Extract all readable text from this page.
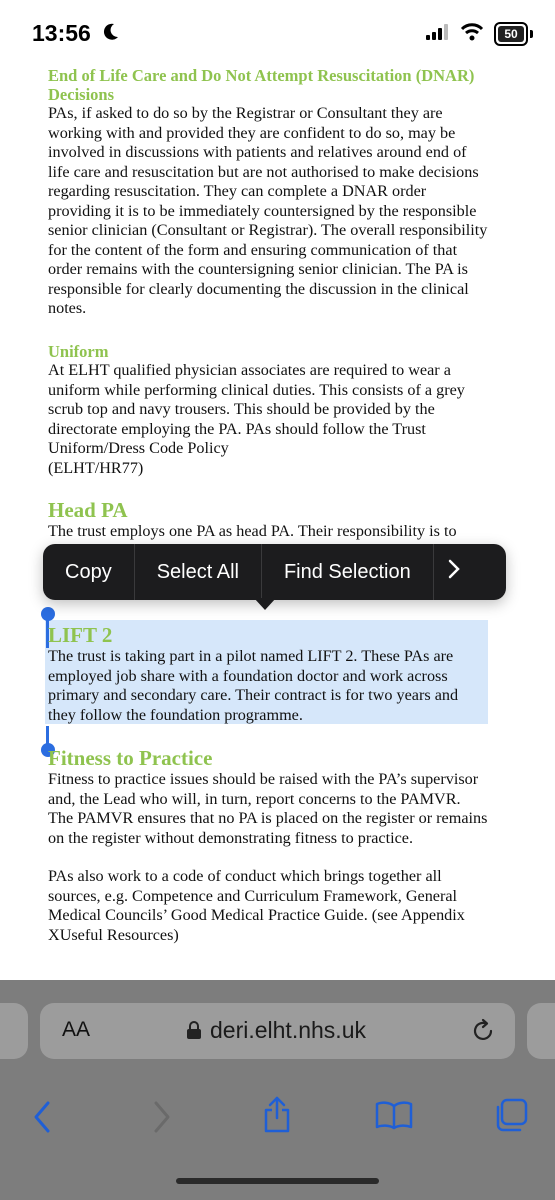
13:56	50

End of Life Care and Do Not Attempt Resuscitation (DNAR) Decisions

PAs, if asked to do so by the Registrar or Consultant they are working with and provided they are confident to do so, may be involved in discussions with patients and relatives around end of life care and resuscitation but are not authorised to make decisions regarding resuscitation. They can complete a DNAR order providing it is to be immediately countersigned by the responsible senior clinician (Consultant or Registrar). The overall responsibility for the content of the form and ensuring communication of that order remains with the countersigning senior clinician. The PA is responsible for clearly documenting the discussion in the clinical notes.

Uniform

At ELHT qualified physician associates are required to wear a uniform while performing clinical duties. This consists of a grey scrub top and navy trousers. This should be provided by the directorate employing the PA. PAs should follow the Trust Uniform/Dress Code Policy

(ELHT/HR77)

Head PA

The trust employs one PA as head PA. Their responsibility is to

LIFT 2

The trust is taking part in a pilot named LIFT 2. These PAs are employed job share with a foundation doctor and work across primary and secondary care. Their contract is for two years and they follow the foundation programme.

Fitness to Practice

Fitness to practice issues should be raised with the PA’s supervisor and, the Lead who will, in turn, report concerns to the PAMVR. The PAMVR ensures that no PA is placed on the register or remains on the register without demonstrating fitness to practice.

PAs also work to a code of conduct which brings together all sources, e.g. Competence and Curriculum Framework, General Medical Councils’ Good Medical Practice Guide. (see Appendix XUseful Resources)

Copy	Select All	Find Selection
AA	deri.elht.nhs.uk
